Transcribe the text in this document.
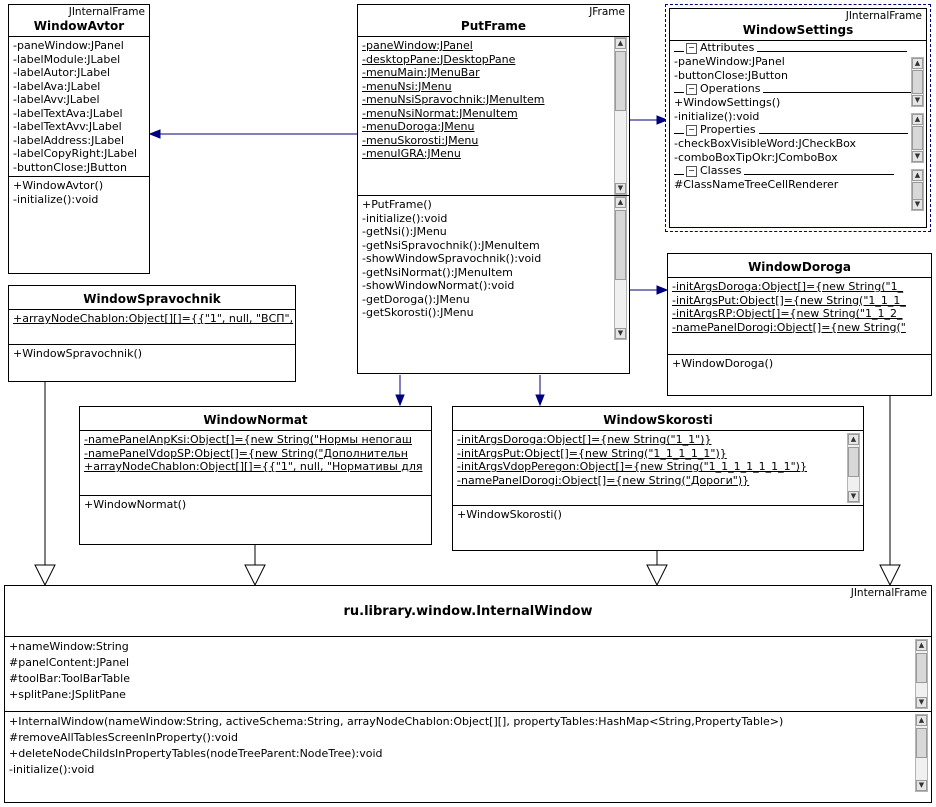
JInternalFrame
WindowAvtor
-paneWindow:JPanel
-labelModule:JLabel
-labelAutor:JLabel
-labelAva:JLabel
-labelAvv:JLabel
-labelTextAva:JLabel
-labelTextAvv:JLabel
-labelAddress:JLabel
-labelCopyRight:JLabel
-buttonClose:JButton
+WindowAvtor()
-initialize():void
JFrame
PutFrame
-paneWindow:JPanel
-desktopPane:JDesktopPane
-menuMain:JMenuBar
-menuNsi:JMenu
-menuNsiSpravochnik:JMenuItem
-menuNsiNormat:JMenuItem
-menuDoroga:JMenu
-menuSkorosti:JMenu
-menuIGRA:JMenu
▲
▼
+PutFrame()
-initialize():void
-getNsi():JMenu
-getNsiSpravochnik():JMenuItem
-showWindowSpravochnik():void
-getNsiNormat():JMenuItem
-showWindowNormat():void
-getDoroga():JMenu
-getSkorosti():JMenu
▲
▼
JInternalFrame
WindowSettings
− Attributes
-paneWindow:JPanel
-buttonClose:JButton
− Operations
+WindowSettings()
-initialize():void
− Properties
-checkBoxVisibleWord:JCheckBox
-comboBoxTipOkr:JComboBox
− Classes
#ClassNameTreeCellRenderer
▲
▼
▲
▼
▲
▼
WindowSpravochnik
+arrayNodeChablon:Object[][]={{"1", null, "ВСП",
+WindowSpravochnik()
WindowDoroga
-initArgsDoroga:Object[]={new String("1_
-initArgsPut:Object[]={new String("1_1_1_
-initArgsRP:Object[]={new String("1_1_2_
-namePanelDorogi:Object[]={new String("
+WindowDoroga()
WindowNormat
-namePanelAnpKsi:Object[]={new String("Нормы непогаш
-namePanelVdopSP:Object[]={new String("Дополнительн
+arrayNodeChablon:Object[][]={{"1", null, "Нормативы для
+WindowNormat()
WindowSkorosti
-initArgsDoroga:Object[]={new String("1_1")}
-initArgsPut:Object[]={new String("1_1_1_1_1")}
-initArgsVdopPeregon:Object[]={new String("1_1_1_1_1_1_1")}
-namePanelDorogi:Object[]={new String("Дороги")}
▲
▼
+WindowSkorosti()
JInternalFrame
ru.library.window.InternalWindow
+nameWindow:String
#panelContent:JPanel
#toolBar:ToolBarTable
+splitPane:JSplitPane
▲
▼
+InternalWindow(nameWindow:String, activeSchema:String, arrayNodeChablon:Object[][], propertyTables:HashMap<String,PropertyTable>)
#removeAllTablesScreenInProperty():void
+deleteNodeChildsInPropertyTables(nodeTreeParent:NodeTree):void
-initialize():void
▲
▼
